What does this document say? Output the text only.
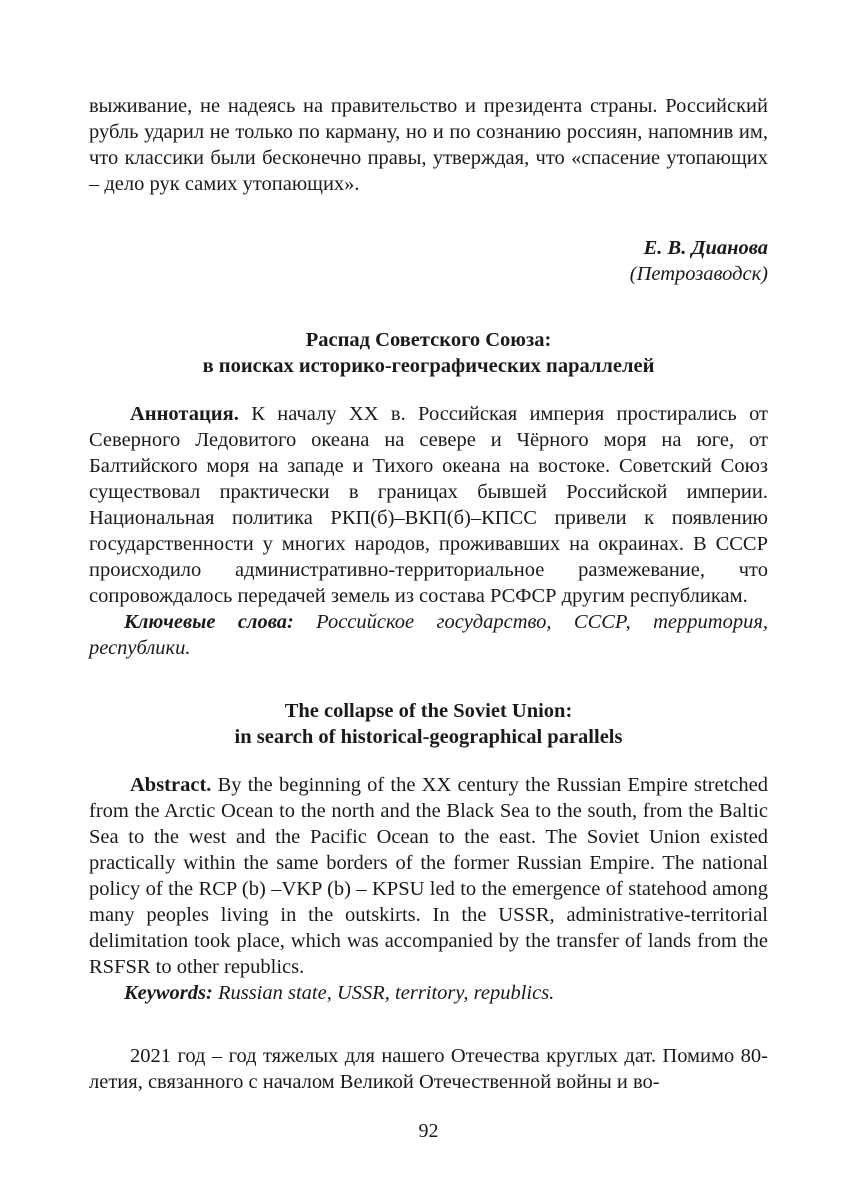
выживание, не надеясь на правительство и президента страны. Российский рубль ударил не только по карману, но и по сознанию россиян, напомнив им, что классики были бесконечно правы, утверждая, что «спасение утопающих – дело рук самих утопающих».

Е. В. Дианова
(Петрозаводск)
Распад Советского Союза:
в поисках историко-географических параллелей

Аннотация. К началу XX в. Российская империя простирались от Северного Ледовитого океана на севере и Чёрного моря на юге, от Балтийского моря на западе и Тихого океана на востоке. Советский Союз существовал практически в границах бывшей Российской империи. Национальная политика РКП(б)–ВКП(б)–КПСС привели к появлению государственности у многих народов, проживавших на окраинах. В СССР происходило административно-территориальное размежевание, что сопровождалось передачей земель из состава РСФСР другим республикам.

Ключевые слова: Российское государство, СССР, территория, республики.

The collapse of the Soviet Union:
in search of historical-geographical parallels

Abstract. By the beginning of the XX century the Russian Empire stretched from the Arctic Ocean to the north and the Black Sea to the south, from the Baltic Sea to the west and the Pacific Ocean to the east. The Soviet Union existed practically within the same borders of the former Russian Empire. The national policy of the RCP (b) –VKP (b) – KPSU led to the emergence of statehood among many peoples living in the outskirts. In the USSR, administrative-territorial delimitation took place, which was accompanied by the transfer of lands from the RSFSR to other republics.

Keywords: Russian state, USSR, territory, republics.

2021 год – год тяжелых для нашего Отечества круглых дат. Помимо 80-летия, связанного с началом Великой Отечественной войны и во-

92
